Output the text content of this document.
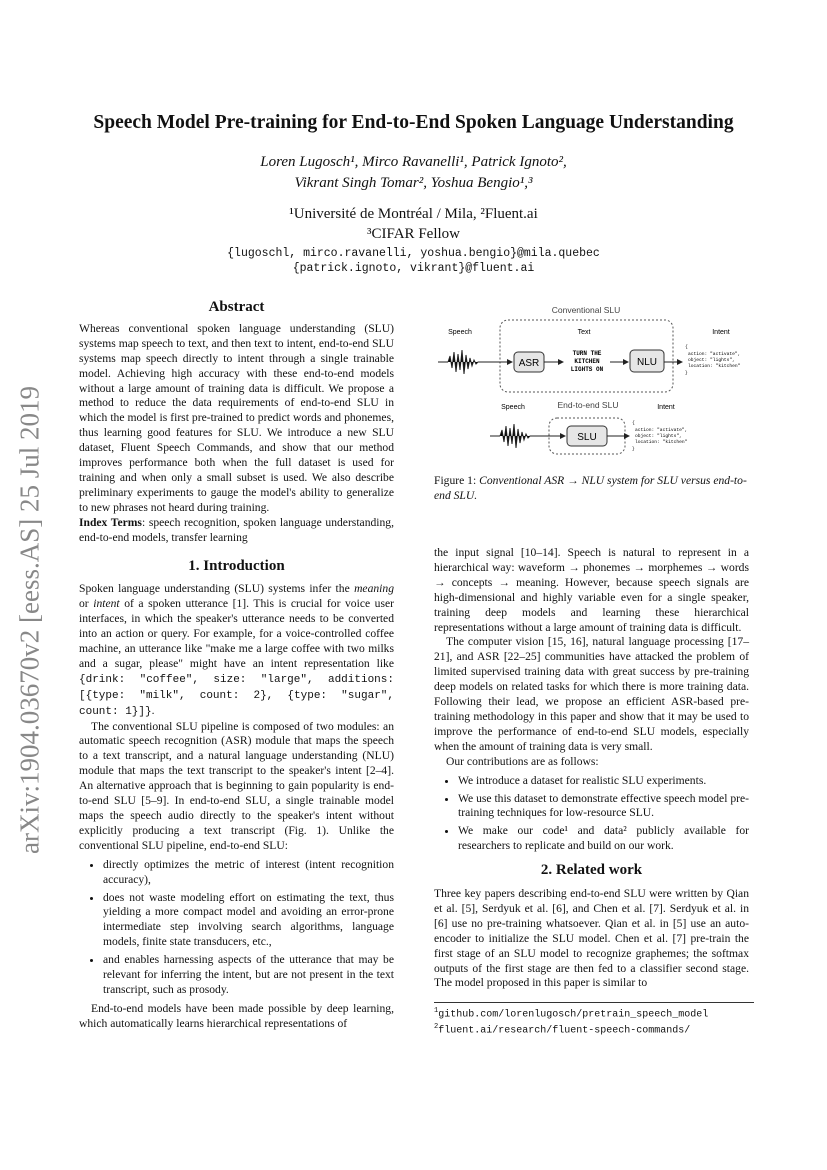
Speech Model Pre-training for End-to-End Spoken Language Understanding
Loren Lugosch¹, Mirco Ravanelli¹, Patrick Ignoto²,
Vikrant Singh Tomar², Yoshua Bengio¹,³
¹Université de Montréal / Mila, ²Fluent.ai
³CIFAR Fellow
{lugoschl, mirco.ravanelli, yoshua.bengio}@mila.quebec
{patrick.ignoto, vikrant}@fluent.ai
arXiv:1904.03670v2 [eess.AS] 25 Jul 2019
Abstract

Whereas conventional spoken language understanding (SLU) systems map speech to text, and then text to intent, end-to-end SLU systems map speech directly to intent through a single trainable model. Achieving high accuracy with these end-to-end models without a large amount of training data is difficult. We propose a method to reduce the data requirements of end-to-end SLU in which the model is first pre-trained to predict words and phonemes, thus learning good features for SLU. We introduce a new SLU dataset, Fluent Speech Commands, and show that our method improves performance both when the full dataset is used for training and when only a small subset is used. We also describe preliminary experiments to gauge the model's ability to generalize to new phrases not heard during training.

Index Terms: speech recognition, spoken language understanding, end-to-end models, transfer learning

1. Introduction

Spoken language understanding (SLU) systems infer the meaning or intent of a spoken utterance [1]. This is crucial for voice user interfaces, in which the speaker's utterance needs to be converted into an action or query. For example, for a voice-controlled coffee machine, an utterance like "make me a large coffee with two milks and a sugar, please" might have an intent representation like {drink: "coffee", size: "large", additions: [{type: "milk", count: 2}, {type: "sugar", count: 1}]}.

The conventional SLU pipeline is composed of two modules: an automatic speech recognition (ASR) module that maps the speech to a text transcript, and a natural language understanding (NLU) module that maps the text transcript to the speaker's intent [2–4]. An alternative approach that is beginning to gain popularity is end-to-end SLU [5–9]. In end-to-end SLU, a single trainable model maps the speech audio directly to the speaker's intent without explicitly producing a text transcript (Fig. 1). Unlike the conventional SLU pipeline, end-to-end SLU:

• directly optimizes the metric of interest (intent recognition accuracy),
• does not waste modeling effort on estimating the text, thus yielding a more compact model and avoiding an error-prone intermediate step involving search algorithms, language models, finite state transducers, etc.,
• and enables harnessing aspects of the utterance that may be relevant for inferring the intent, but are not present in the text transcript, such as prosody.

End-to-end models have been made possible by deep learning, which automatically learns hierarchical representations of

Conventional SLU
Speech	Text	Intent
ASR
TURN THE
KITCHEN
LIGHTS ON
NLU
{
action: "activate",
object: "lights",
location: "kitchen"
}
Speech	End-to-end SLU	Intent
SLU
{
action: "activate",
object: "lights",
location: "kitchen"
}
Figure 1: Conventional ASR → NLU system for SLU versus end-to-end SLU.

the input signal [10–14]. Speech is natural to represent in a hierarchical way: waveform → phonemes → morphemes → words → concepts → meaning. However, because speech signals are high-dimensional and highly variable even for a single speaker, training deep models and learning these hierarchical representations without a large amount of training data is difficult.

The computer vision [15, 16], natural language processing [17–21], and ASR [22–25] communities have attacked the problem of limited supervised training data with great success by pre-training deep models on related tasks for which there is more training data. Following their lead, we propose an efficient ASR-based pre-training methodology in this paper and show that it may be used to improve the performance of end-to-end SLU models, especially when the amount of training data is very small.

Our contributions are as follows:

• We introduce a dataset for realistic SLU experiments.
• We use this dataset to demonstrate effective speech model pre-training techniques for low-resource SLU.
• We make our code¹ and data² publicly available for researchers to replicate and build on our work.
2. Related work

Three key papers describing end-to-end SLU were written by Qian et al. [5], Serdyuk et al. [6], and Chen et al. [7]. Serdyuk et al. in [6] use no pre-training whatsoever. Qian et al. in [5] use an auto-encoder to initialize the SLU model. Chen et al. [7] pre-train the first stage of an SLU model to recognize graphemes; the softmax outputs of the first stage are then fed to a classifier second stage. The model proposed in this paper is similar to

$^1$github.com/lorenlugosch/pretrain_speech_model
$^2$fluent.ai/research/fluent-speech-commands/
